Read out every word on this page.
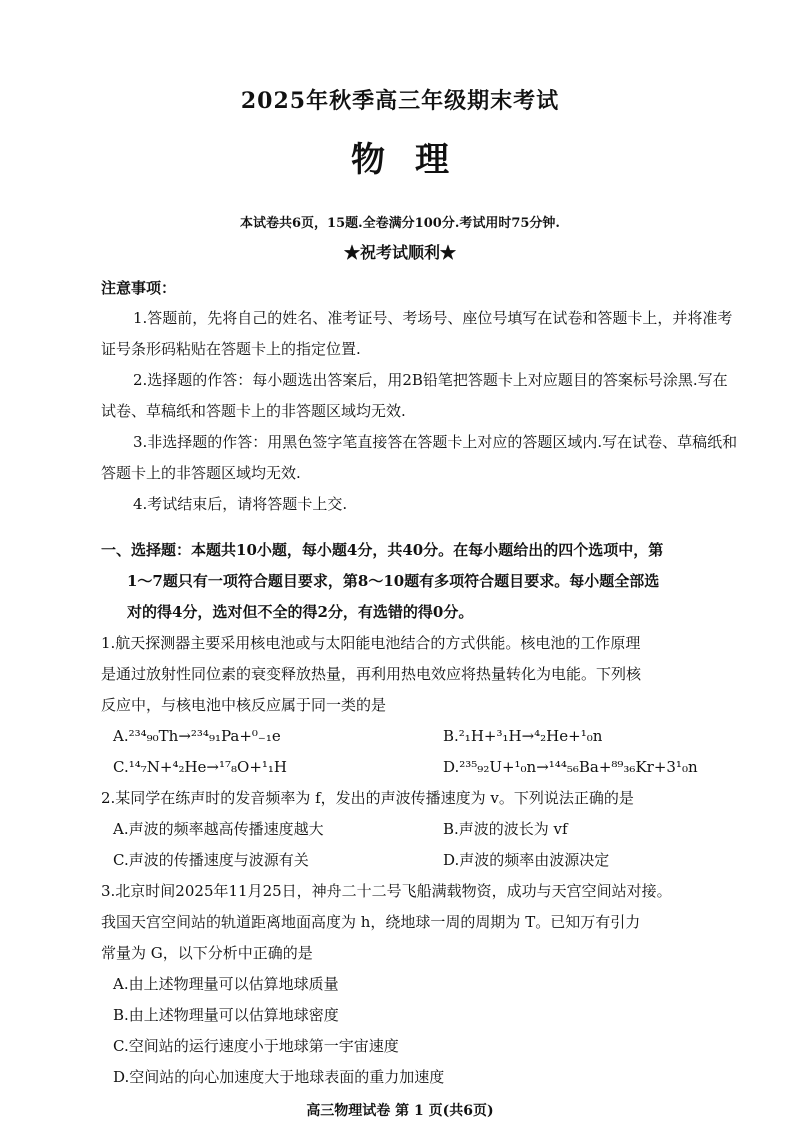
2025年秋季高三年级期末考试
物理
本试卷共6页，15题.全卷满分100分.考试用时75分钟.
★祝考试顺利★
注意事项：
1.答题前，先将自己的姓名、准考证号、考场号、座位号填写在试卷和答题卡上，并将准考证号条形码粘贴在答题卡上的指定位置.
2.选择题的作答：每小题选出答案后，用2B铅笔把答题卡上对应题目的答案标号涂黑.写在试卷、草稿纸和答题卡上的非答题区域均无效.
3.非选择题的作答：用黑色签字笔直接答在答题卡上对应的答题区域内.写在试卷、草稿纸和答题卡上的非答题区域均无效.
4.考试结束后，请将答题卡上交.
一、选择题：本题共10小题，每小题4分，共40分。在每小题给出的四个选项中，第
1～7题只有一项符合题目要求，第8～10题有多项符合题目要求。每小题全部选
对的得4分，选对但不全的得2分，有选错的得0分。
1.航天探测器主要采用核电池或与太阳能电池结合的方式供能。核电池的工作原理
是通过放射性同位素的衰变释放热量，再利用热电效应将热量转化为电能。下列核
反应中，与核电池中核反应属于同一类的是
A.²³⁴₉₀Th→²³⁴₉₁Pa+⁰₋₁e	B.²₁H+³₁H→⁴₂He+¹₀n
C.¹⁴₇N+⁴₂He→¹⁷₈O+¹₁H	D.²³⁵₉₂U+¹₀n→¹⁴⁴₅₆Ba+⁸⁹₃₆Kr+3¹₀n
2.某同学在练声时的发音频率为 f，发出的声波传播速度为 v。下列说法正确的是
A.声波的频率越高传播速度越大	B.声波的波长为 vf
C.声波的传播速度与波源有关	D.声波的频率由波源决定
3.北京时间2025年11月25日，神舟二十二号飞船满载物资，成功与天宫空间站对接。
我国天宫空间站的轨道距离地面高度为 h，绕地球一周的周期为 T。已知万有引力
常量为 G，以下分析中正确的是
A.由上述物理量可以估算地球质量
B.由上述物理量可以估算地球密度
C.空间站的运行速度小于地球第一宇宙速度
D.空间站的向心加速度大于地球表面的重力加速度
高三物理试卷 第 1 页(共6页)
